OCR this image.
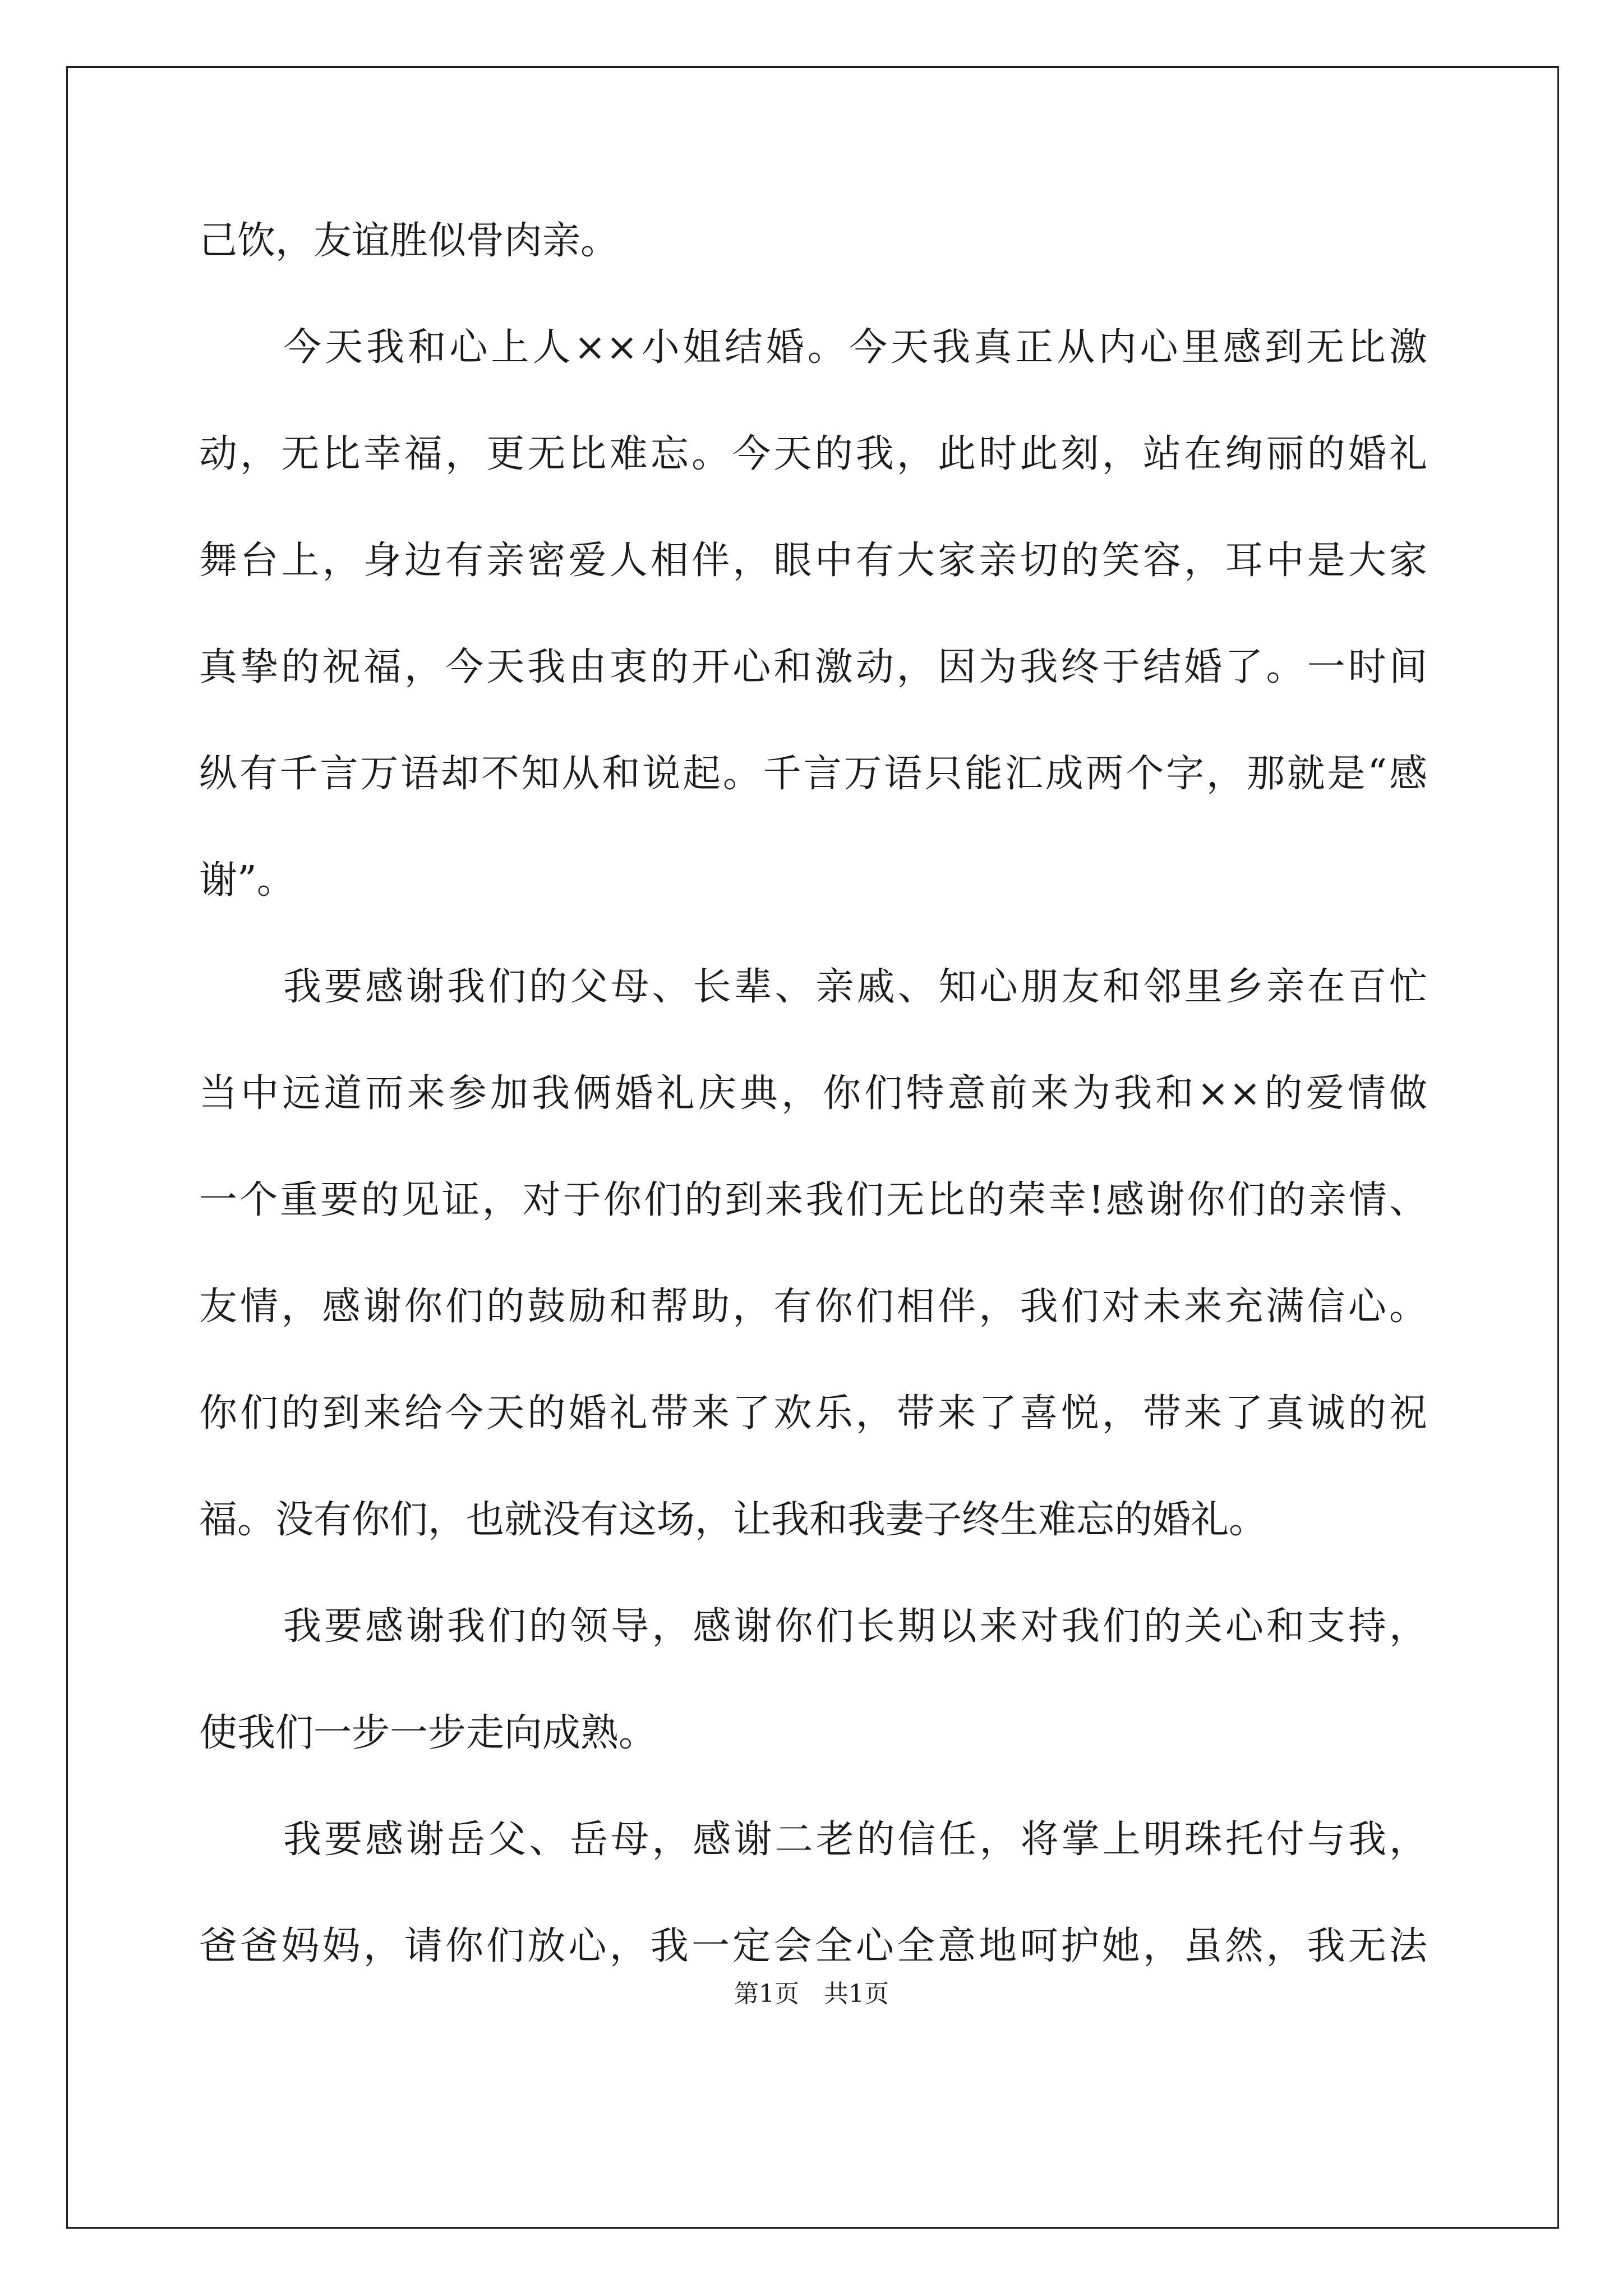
己饮，友谊胜似骨肉亲。
今天我和心上人××小姐结婚。今天我真正从内心里感到无比激
动，无比幸福，更无比难忘。今天的我，此时此刻，站在绚丽的婚礼
舞台上，身边有亲密爱人相伴，眼中有大家亲切的笑容，耳中是大家
真挚的祝福，今天我由衷的开心和激动，因为我终于结婚了。一时间
纵有千言万语却不知从和说起。千言万语只能汇成两个字，那就是“感
谢”。
我要感谢我们的父母、长辈、亲戚、知心朋友和邻里乡亲在百忙
当中远道而来参加我俩婚礼庆典，你们特意前来为我和××的爱情做
一个重要的见证，对于你们的到来我们无比的荣幸!感谢你们的亲情、
友情，感谢你们的鼓励和帮助，有你们相伴，我们对未来充满信心。
你们的到来给今天的婚礼带来了欢乐，带来了喜悦，带来了真诚的祝
福。没有你们，也就没有这场，让我和我妻子终生难忘的婚礼。
我要感谢我们的领导，感谢你们长期以来对我们的关心和支持，
使我们一步一步走向成熟。
我要感谢岳父、岳母，感谢二老的信任，将掌上明珠托付与我，
爸爸妈妈，请你们放心，我一定会全心全意地呵护她，虽然，我无法
第1页　共1页
